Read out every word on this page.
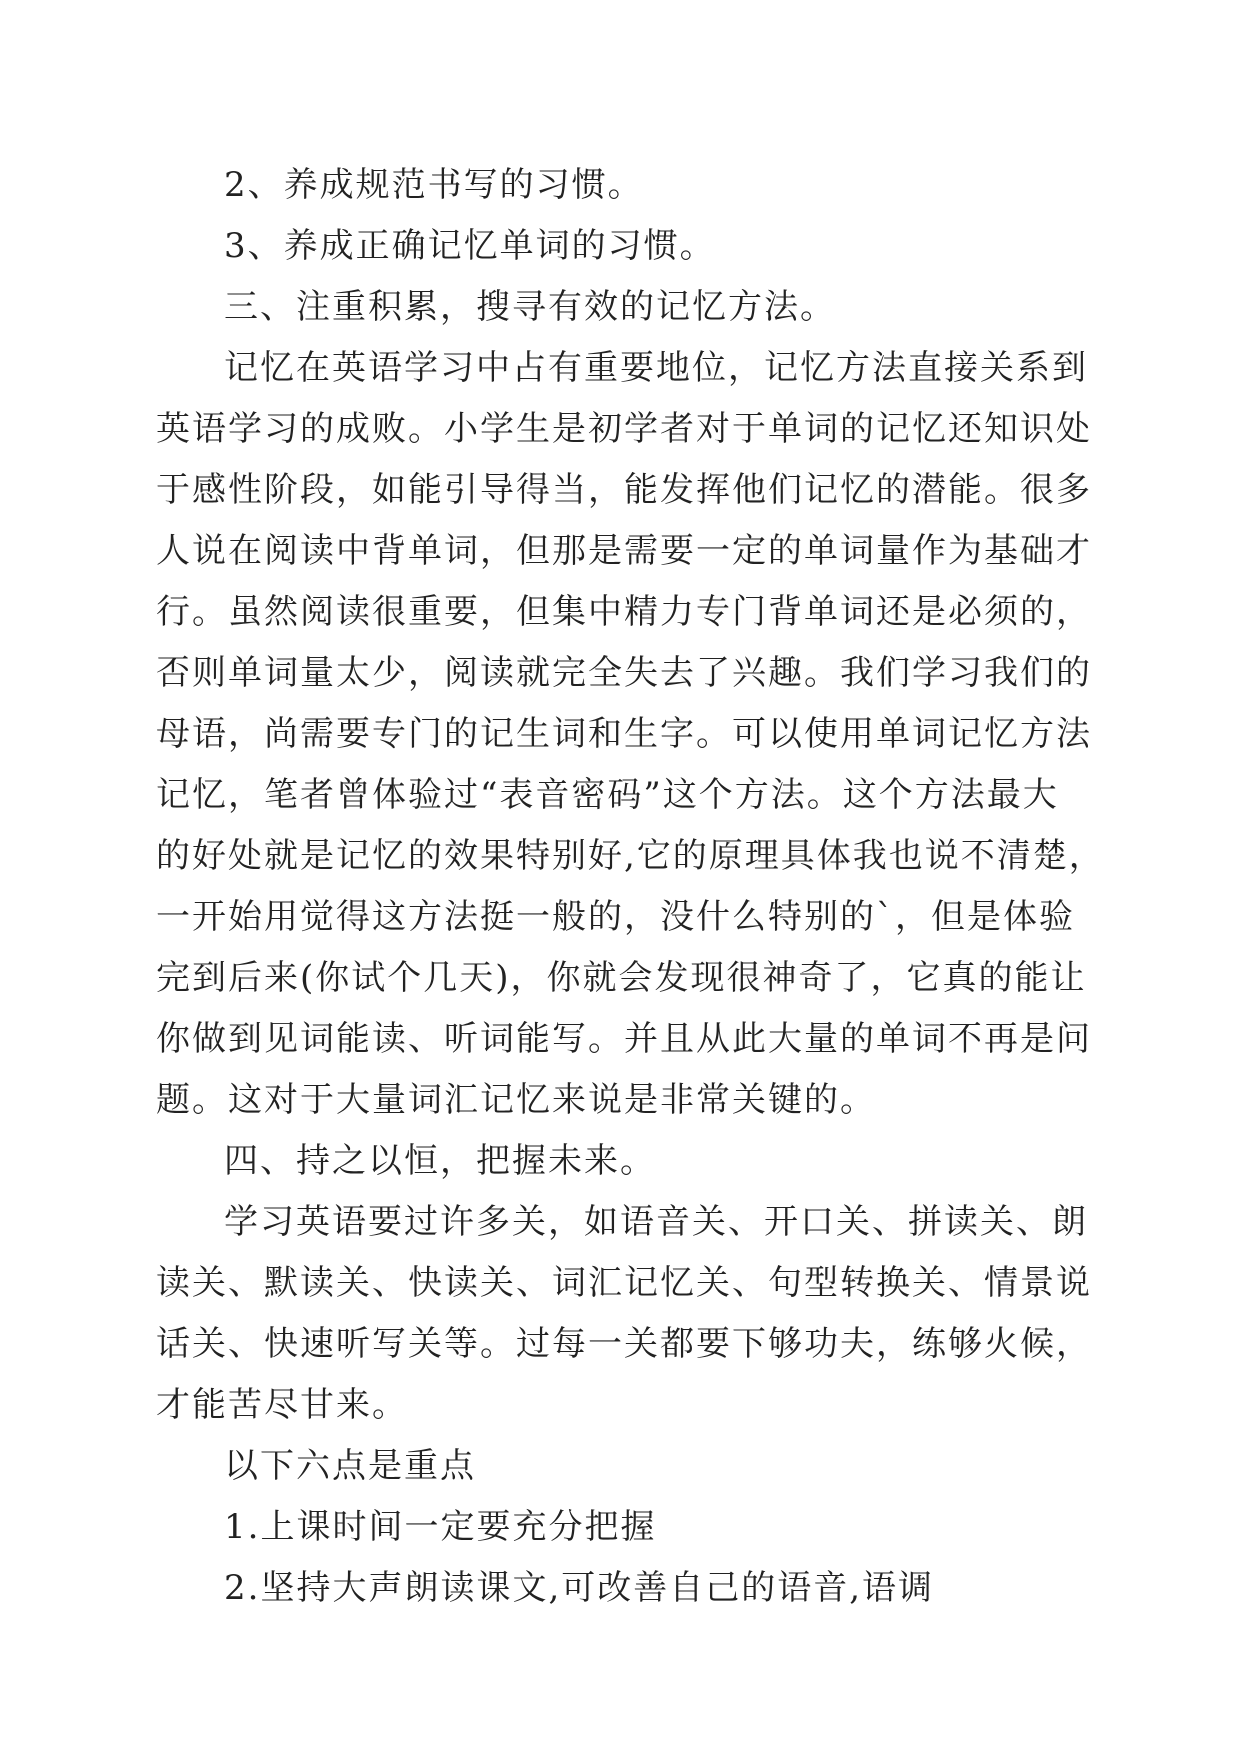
2、养成规范书写的习惯。

3、养成正确记忆单词的习惯。

三、注重积累，搜寻有效的记忆方法。

记忆在英语学习中占有重要地位，记忆方法直接关系到
英语学习的成败。小学生是初学者对于单词的记忆还知识处
于感性阶段，如能引导得当，能发挥他们记忆的潜能。很多
人说在阅读中背单词，但那是需要一定的单词量作为基础才
行。虽然阅读很重要，但集中精力专门背单词还是必须的，
否则单词量太少，阅读就完全失去了兴趣。我们学习我们的
母语，尚需要专门的记生词和生字。可以使用单词记忆方法
记忆，笔者曾体验过“表音密码”这个方法。这个方法最大
的好处就是记忆的效果特别好,它的原理具体我也说不清楚，
一开始用觉得这方法挺一般的，没什么特别的`，但是体验
完到后来(你试个几天)，你就会发现很神奇了，它真的能让
你做到见词能读、听词能写。并且从此大量的单词不再是问
题。这对于大量词汇记忆来说是非常关键的。

四、持之以恒，把握未来。

学习英语要过许多关，如语音关、开口关、拼读关、朗
读关、默读关、快读关、词汇记忆关、句型转换关、情景说
话关、快速听写关等。过每一关都要下够功夫，练够火候，
才能苦尽甘来。

以下六点是重点

1.上课时间一定要充分把握

2.坚持大声朗读课文,可改善自己的语音,语调
